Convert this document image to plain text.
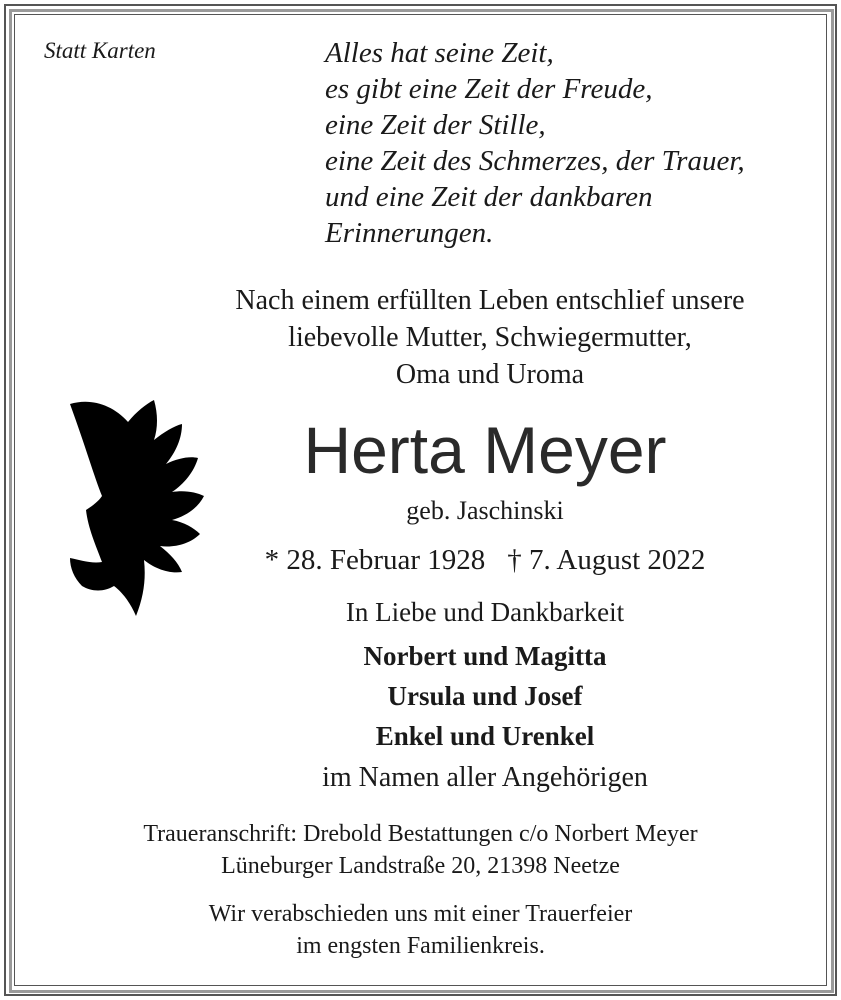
Statt Karten	Alles hat seine Zeit,
es gibt eine Zeit der Freude,
eine Zeit der Stille,
eine Zeit des Schmerzes, der Trauer,
und eine Zeit der dankbaren
Erinnerungen.
Nach einem erfüllten Leben entschlief unsere
liebevolle Mutter, Schwiegermutter,
Oma und Uroma
Herta Meyer
geb. Jaschinski
* 28. Februar 1928 † 7. August 2022
In Liebe und Dankbarkeit
Norbert und Magitta
Ursula und Josef
Enkel und Urenkel
im Namen aller Angehörigen
Traueranschrift: Drebold Bestattungen c/o Norbert Meyer
Lüneburger Landstraße 20, 21398 Neetze
Wir verabschieden uns mit einer Trauerfeier
im engsten Familienkreis.
